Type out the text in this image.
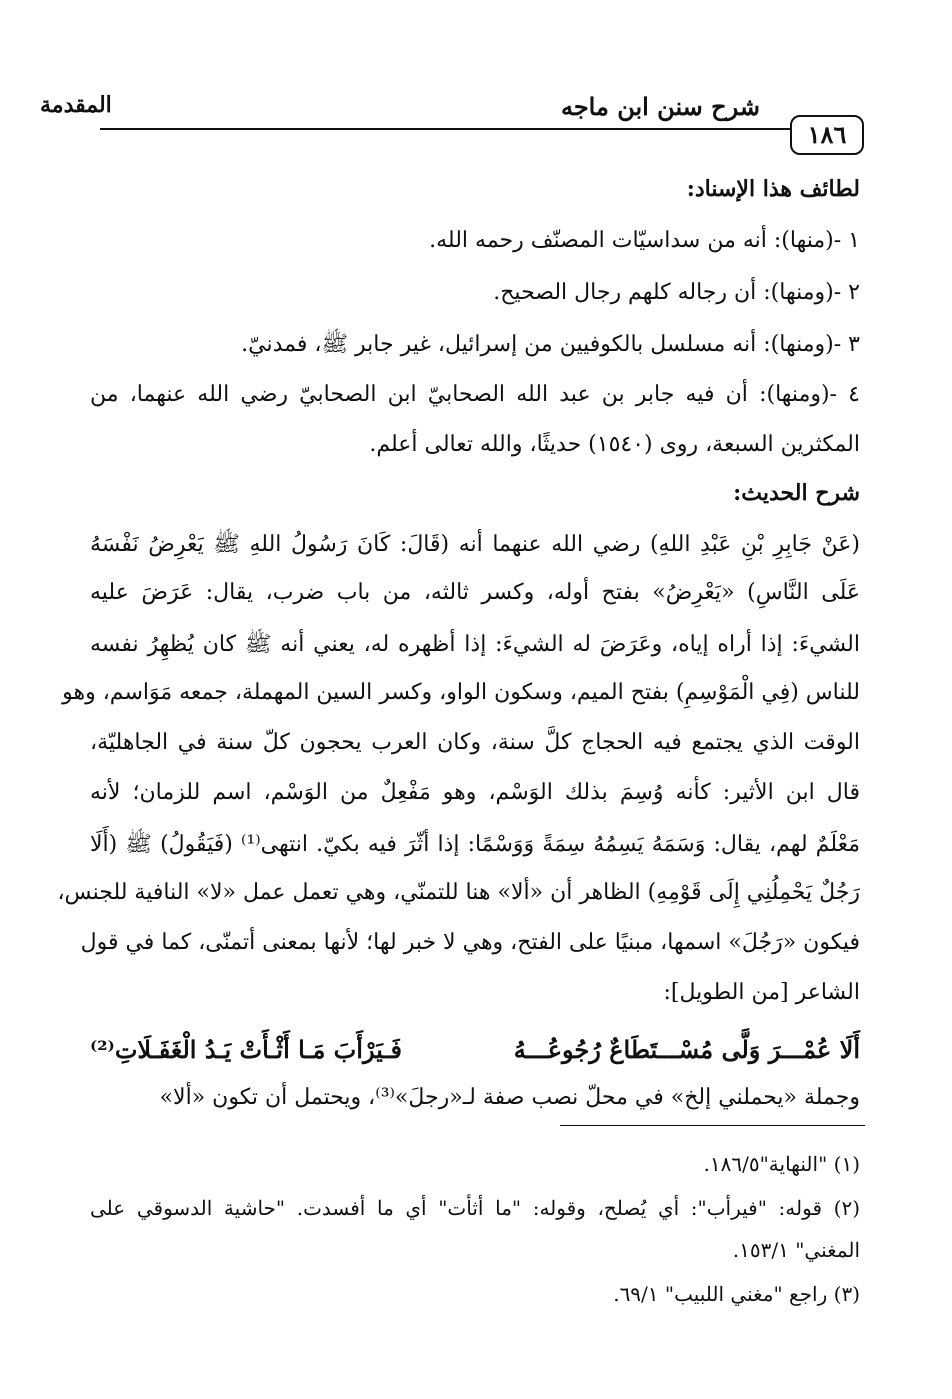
شرح سنن ابن ماجه
المقدمة
١٨٦
لطائف هذا الإسناد:
١ -(منها): أنه من سداسيّات المصنّف رحمه الله.
٢ -(ومنها): أن رجاله كلهم رجال الصحيح.
٣ -(ومنها): أنه مسلسل بالكوفيين من إسرائيل، غير جابر ﷺ، فمدنيّ.
٤ -(ومنها): أن فيه جابر بن عبد الله الصحابيّ ابن الصحابيّ رضي الله عنهما، من
المكثرين السبعة، روى (١٥٤٠) حديثًا، والله تعالى أعلم.
شرح الحديث:
(عَنْ جَابِرِ بْنِ عَبْدِ اللهِ) رضي الله عنهما أنه (قَالَ: كَانَ رَسُولُ اللهِ ﷺ يَعْرِضُ نَفْسَهُ
عَلَى النَّاسِ) «يَعْرِضُ» بفتح أوله، وكسر ثالثه، من باب ضرب، يقال: عَرَضَ عليه
الشيءَ: إذا أراه إياه، وعَرَضَ له الشيءَ: إذا أظهره له، يعني أنه ﷺ كان يُظهِرُ نفسه
للناس (فِي الْمَوْسِمِ) بفتح الميم، وسكون الواو، وكسر السين المهملة، جمعه مَوَاسم، وهو
الوقت الذي يجتمع فيه الحجاج كلَّ سنة، وكان العرب يحجون كلّ سنة في الجاهليّة،
قال ابن الأثير: كأنه وُسِمَ بذلك الوَسْم، وهو مَفْعِلٌ من الوَسْم، اسم للزمان؛ لأنه
مَعْلَمٌ لهم، يقال: وَسَمَهُ يَسِمُهُ سِمَةً وَوَسْمًا: إذا أثّرَ فيه بكيّ. انتهى⁽¹⁾ (فَيَقُولُ) ﷺ (أَلَا
رَجُلٌ يَحْمِلُنِي إِلَى قَوْمِهِ) الظاهر أن «ألا» هنا للتمنّي، وهي تعمل عمل «لا» النافية للجنس،
فيكون «رَجُلَ» اسمها، مبنيًا على الفتح، وهي لا خبر لها؛ لأنها بمعنى أتمنّى، كما في قول
الشاعر [من الطويل]:
أَلَا عُمْـــرَ وَلَّى مُسْـــتَطَاعٌ رُجُوعُـــهُ
فَـيَرْأَبَ مَـا أَثْـأَتْ يَـدُ الْغَفَـلَاتِ⁽²⁾
وجملة «يحملني إلخ» في محلّ نصب صفة لـ«رجلَ»⁽³⁾، ويحتمل أن تكون «ألا»
(١) "النهاية"١٨٦/٥.
(٢) قوله: "فيرأب": أي يُصلح، وقوله: "ما أثأت" أي ما أفسدت. "حاشية الدسوقي على
المغني" ١٥٣/١.
(٣) راجع "مغني اللبيب" ٦٩/١.
